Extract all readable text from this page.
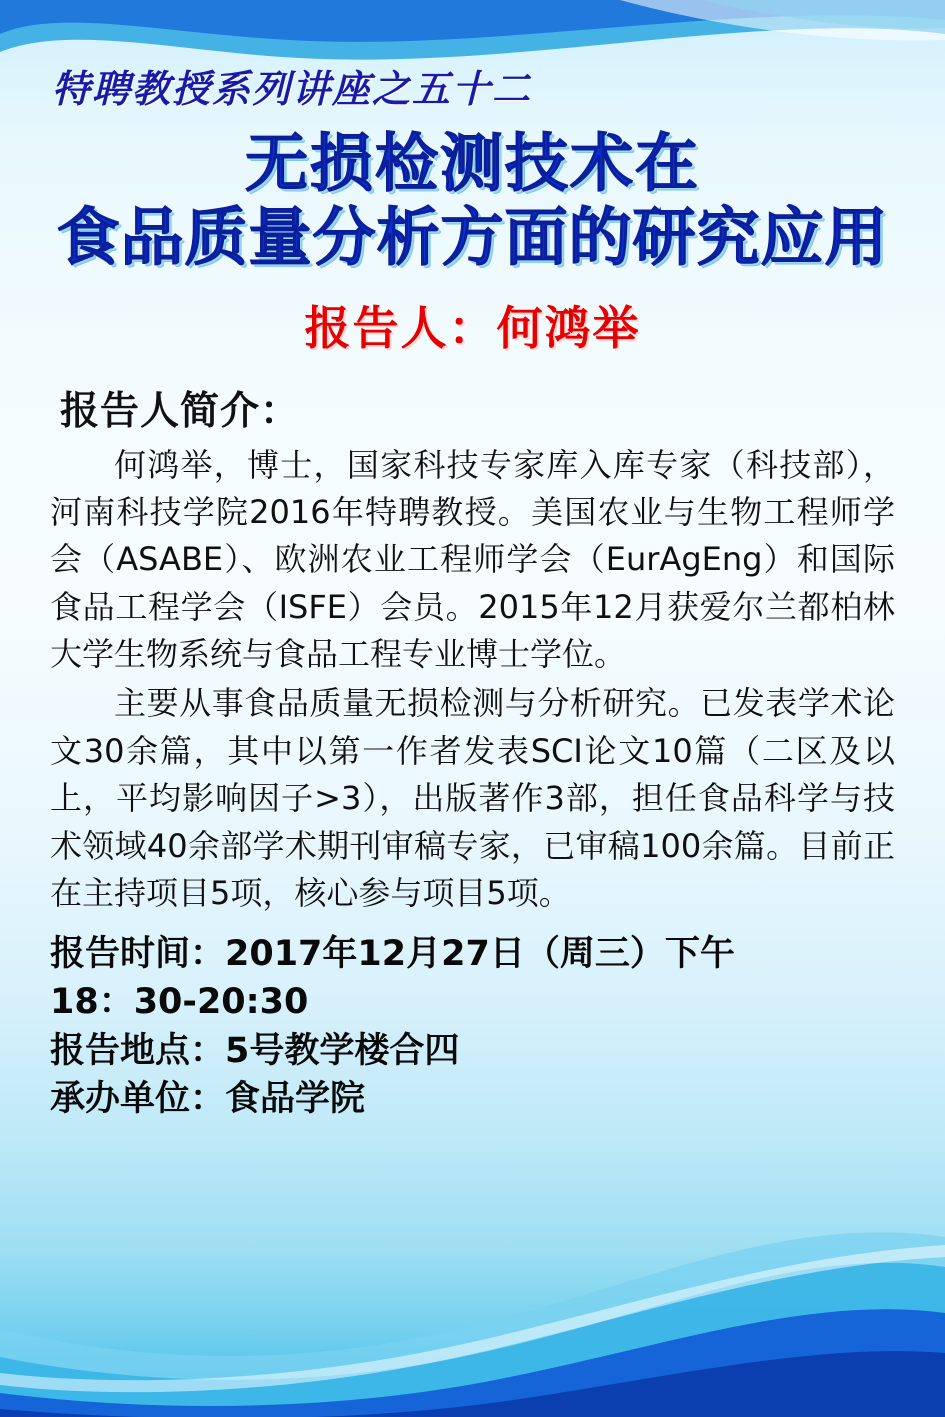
特聘教授系列讲座之五十二
无损检测技术在
食品质量分析方面的研究应用
报告人：何鸿举
报告人简介：

何鸿举，博士，国家科技专家库入库专家（科技部），河南科技学院2016年特聘教授。美国农业与生物工程师学会（ASABE）、欧洲农业工程师学会（EurAgEng）和国际食品工程学会（ISFE）会员。2015年12月获爱尔兰都柏林大学生物系统与食品工程专业博士学位。

主要从事食品质量无损检测与分析研究。已发表学术论文30余篇，其中以第一作者发表SCI论文10篇（二区及以上，平均影响因子>3），出版著作3部，担任食品科学与技术领域40余部学术期刊审稿专家，已审稿100余篇。目前正在主持项目5项，核心参与项目5项。

报告时间：2017年12月27日（周三）下午
18：30-20:30
报告地点：5号教学楼合四
承办单位：食品学院
